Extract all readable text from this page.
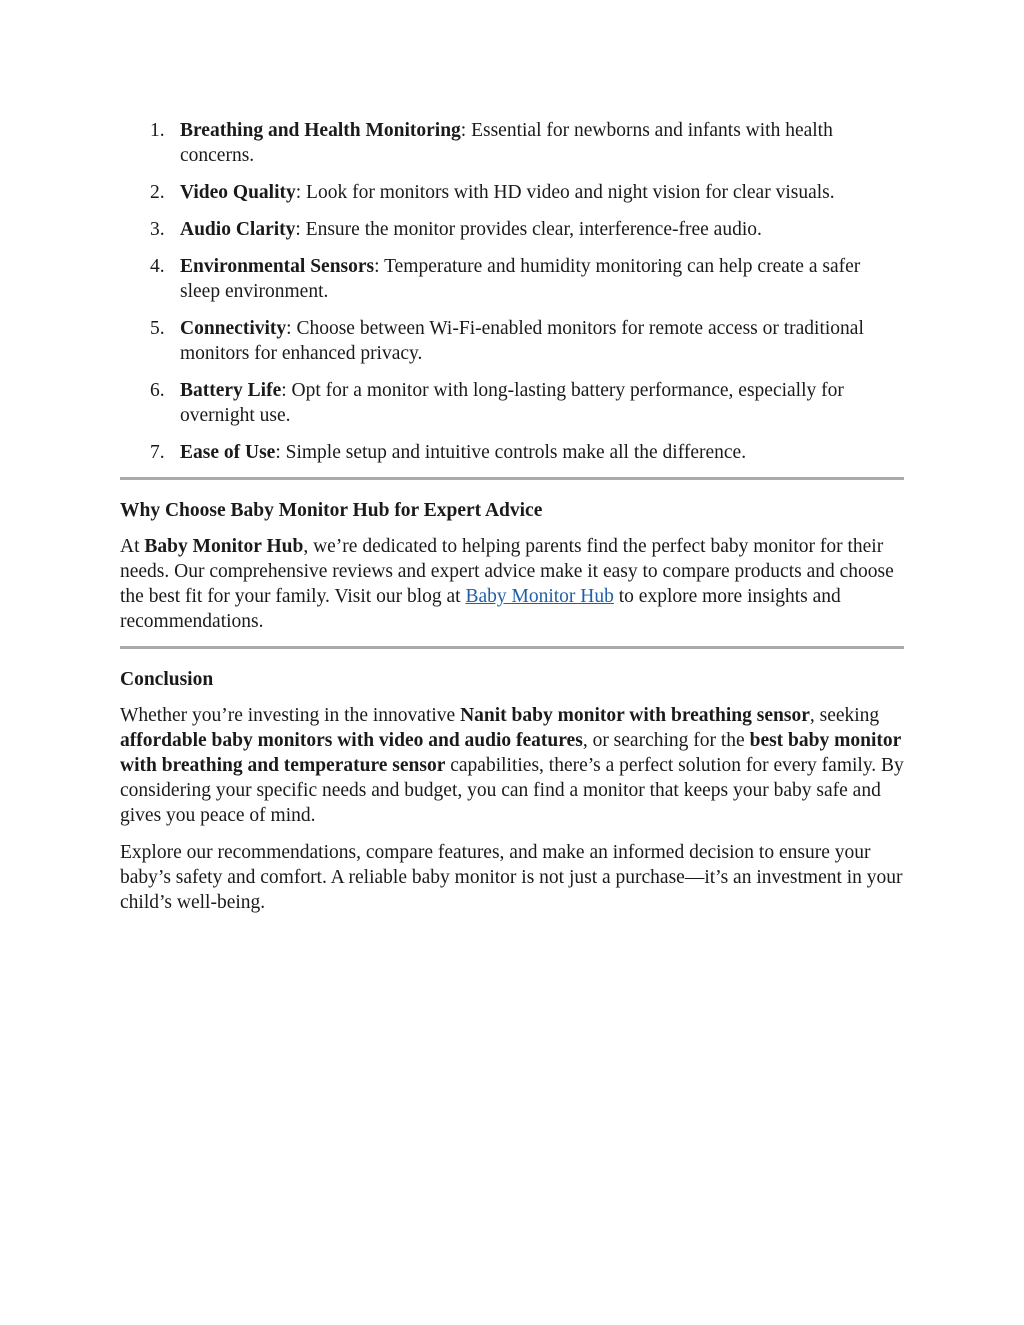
1. Breathing and Health Monitoring: Essential for newborns and infants with health concerns.
2. Video Quality: Look for monitors with HD video and night vision for clear visuals.
3. Audio Clarity: Ensure the monitor provides clear, interference-free audio.
4. Environmental Sensors: Temperature and humidity monitoring can help create a safer sleep environment.
5. Connectivity: Choose between Wi-Fi-enabled monitors for remote access or traditional monitors for enhanced privacy.
6. Battery Life: Opt for a monitor with long-lasting battery performance, especially for overnight use.
7. Ease of Use: Simple setup and intuitive controls make all the difference.
Why Choose Baby Monitor Hub for Expert Advice

At Baby Monitor Hub, we’re dedicated to helping parents find the perfect baby monitor for their needs. Our comprehensive reviews and expert advice make it easy to compare products and choose the best fit for your family. Visit our blog at Baby Monitor Hub to explore more insights and recommendations.

Conclusion

Whether you’re investing in the innovative Nanit baby monitor with breathing sensor, seeking affordable baby monitors with video and audio features, or searching for the best baby monitor with breathing and temperature sensor capabilities, there’s a perfect solution for every family. By considering your specific needs and budget, you can find a monitor that keeps your baby safe and gives you peace of mind.

Explore our recommendations, compare features, and make an informed decision to ensure your baby’s safety and comfort. A reliable baby monitor is not just a purchase—it’s an investment in your child’s well-being.
